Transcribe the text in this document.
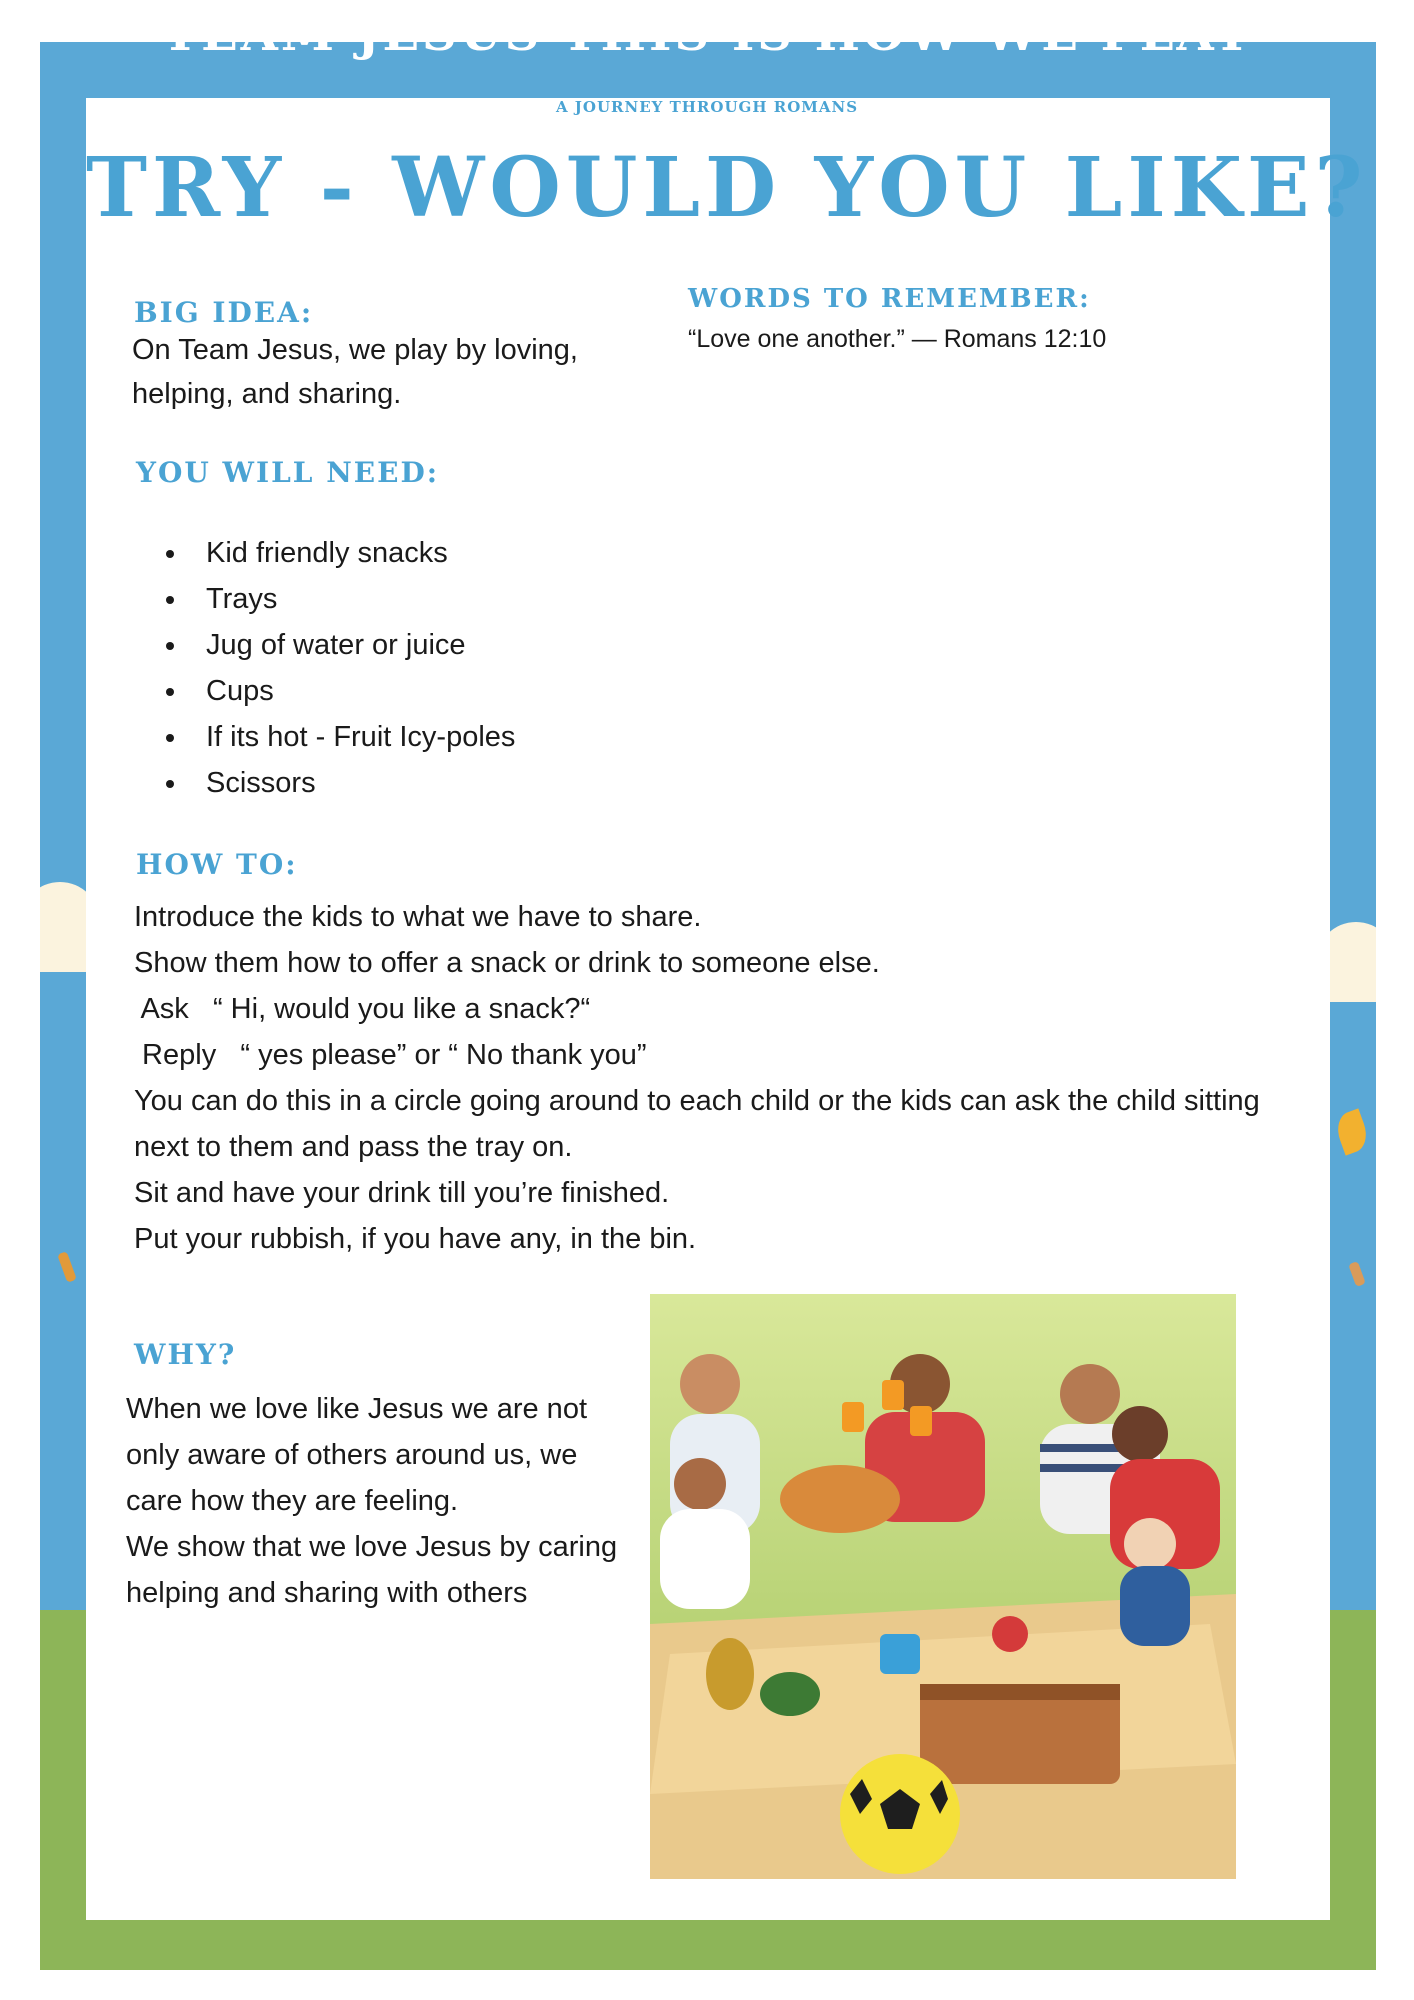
TEAM JESUS THIS IS HOW WE PLAY
TRY - WOULD YOU LIKE?
BIG IDEA:
On Team Jesus, we play by loving, helping, and sharing.
WORDS TO REMEMBER:
“Love one another.” — Romans 12:10
YOU WILL NEED:
Kid friendly snacks
Trays
Jug of water or juice
Cups
If its hot - Fruit Icy-poles
Scissors
HOW TO:

Introduce the kids to what we have to share.

Show them how to offer a snack or drink to someone else.

Ask   “ Hi, would you like a snack?“

Reply   “ yes please” or “ No thank you”

You can do this in a circle going around to each child or the kids can ask the child sitting next to them and pass the tray on.

Sit and have your drink till you’re finished.

Put your rubbish, if you have any, in the bin.

WHY?

When we love like Jesus we are not only aware of others around us, we care how they are feeling.

We show that we love Jesus by caring helping and sharing with others

A JOURNEY THROUGH ROMANS
